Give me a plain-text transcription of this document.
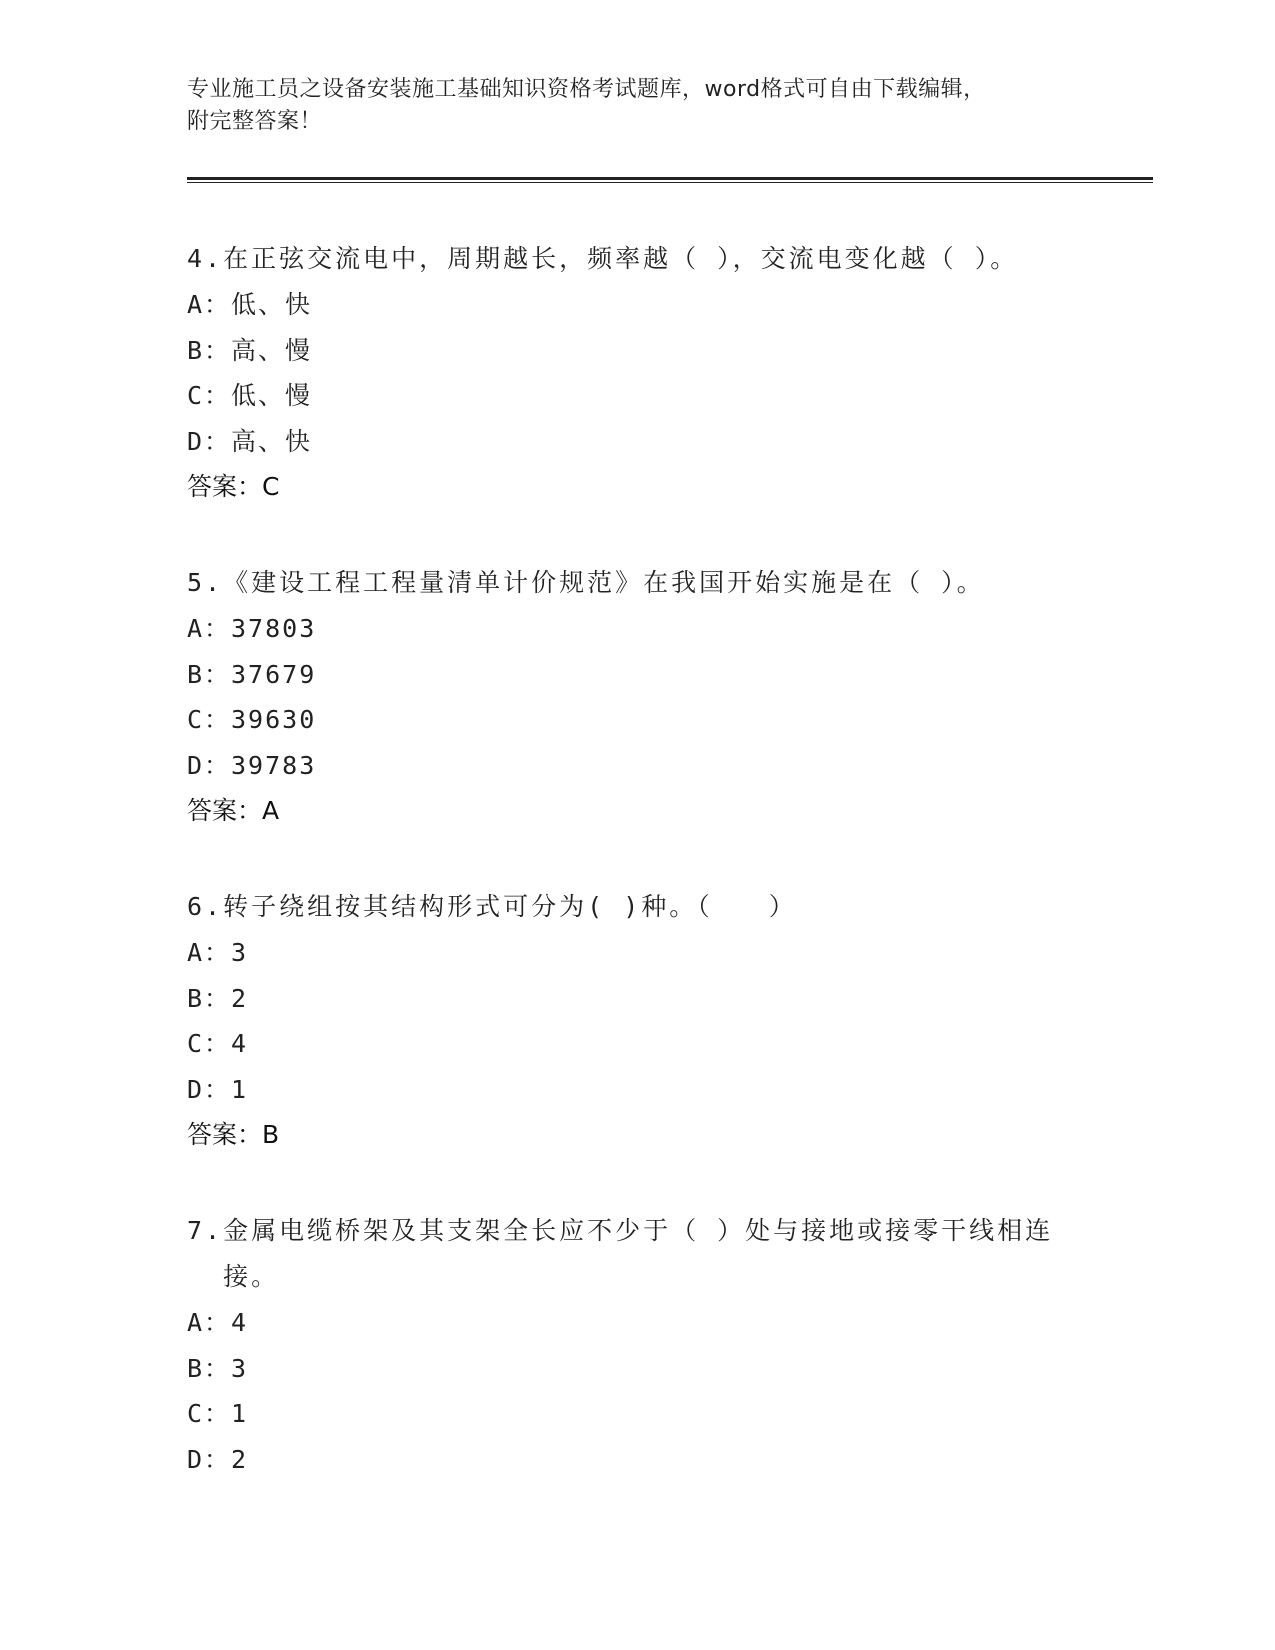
专业施工员之设备安装施工基础知识资格考试题库，word格式可自由下载编辑，
附完整答案！
4. 在正弦交流电中，周期越长，频率越（ ），交流电变化越（ ）。
A： 低、快
B： 高、慢
C： 低、慢
D： 高、快
答案：C
5. 《建设工程工程量清单计价规范》在我国开始实施是在（ ）。
A： 37803
B： 37679
C： 39630
D： 39783
答案：A
6. 转子绕组按其结构形式可分为( )种。（　　）
A： 3
B： 2
C： 4
D： 1
答案：B
7. 金属电缆桥架及其支架全长应不少于（ ）处与接地或接零干线相连接。
A： 4
B： 3
C： 1
D： 2
